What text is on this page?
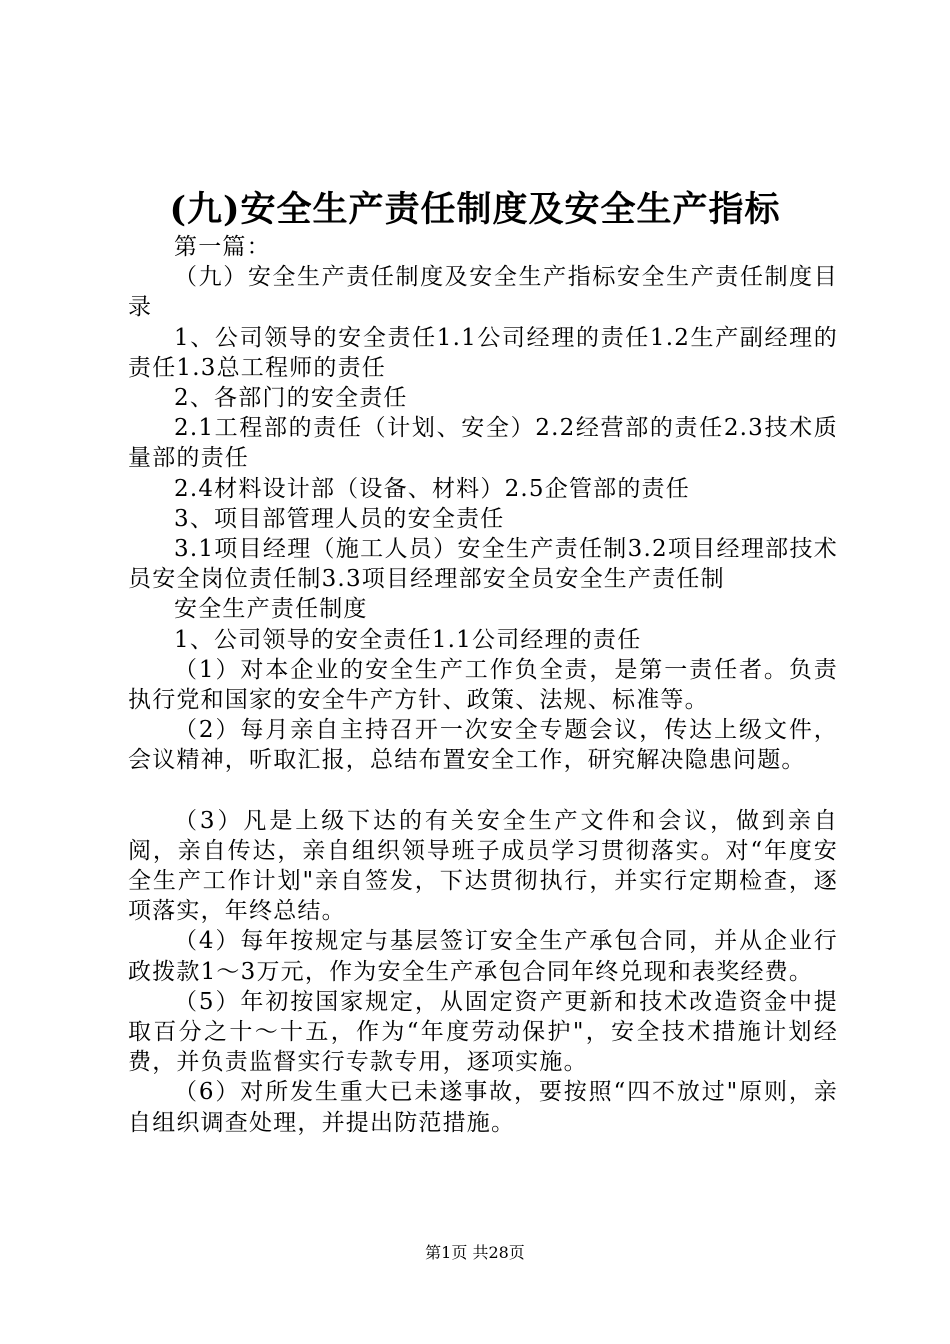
(九)安全生产责任制度及安全生产指标

第一篇：

（九）安全生产责任制度及安全生产指标安全生产责任制度目录

1、公司领导的安全责任1.1公司经理的责任1.2生产副经理的责任1.3总工程师的责任

2、各部门的安全责任

2.1工程部的责任（计划、安全）2.2经营部的责任2.3技术质量部的责任

2.4材料设计部（设备、材料）2.5企管部的责任

3、项目部管理人员的安全责任

3.1项目经理（施工人员）安全生产责任制3.2项目经理部技术员安全岗位责任制3.3项目经理部安全员安全生产责任制

安全生产责任制度

1、公司领导的安全责任1.1公司经理的责任

（1）对本企业的安全生产工作负全责，是第一责任者。负责执行党和国家的安全牛产方针、政策、法规、标准等。

（2）每月亲自主持召开一次安全专题会议，传达上级文件，会议精神，听取汇报，总结布置安全工作，研究解决隐患问题。

（3）凡是上级下达的有关安全生产文件和会议，做到亲自阅，亲自传达，亲自组织领导班子成员学习贯彻落实。对“年度安全生产工作计划"亲自签发，下达贯彻执行，并实行定期检查，逐项落实，年终总结。

（4）每年按规定与基层签订安全生产承包合同，并从企业行政拨款1～3万元，作为安全生产承包合同年终兑现和表奖经费。

（5）年初按国家规定，从固定资产更新和技术改造资金中提取百分之十～十五，作为“年度劳动保护"，安全技术措施计划经费，并负责监督实行专款专用，逐项实施。

（6）对所发生重大已未遂事故，要按照“四不放过"原则，亲自组织调查处理，并提出防范措施。

第1页 共28页
